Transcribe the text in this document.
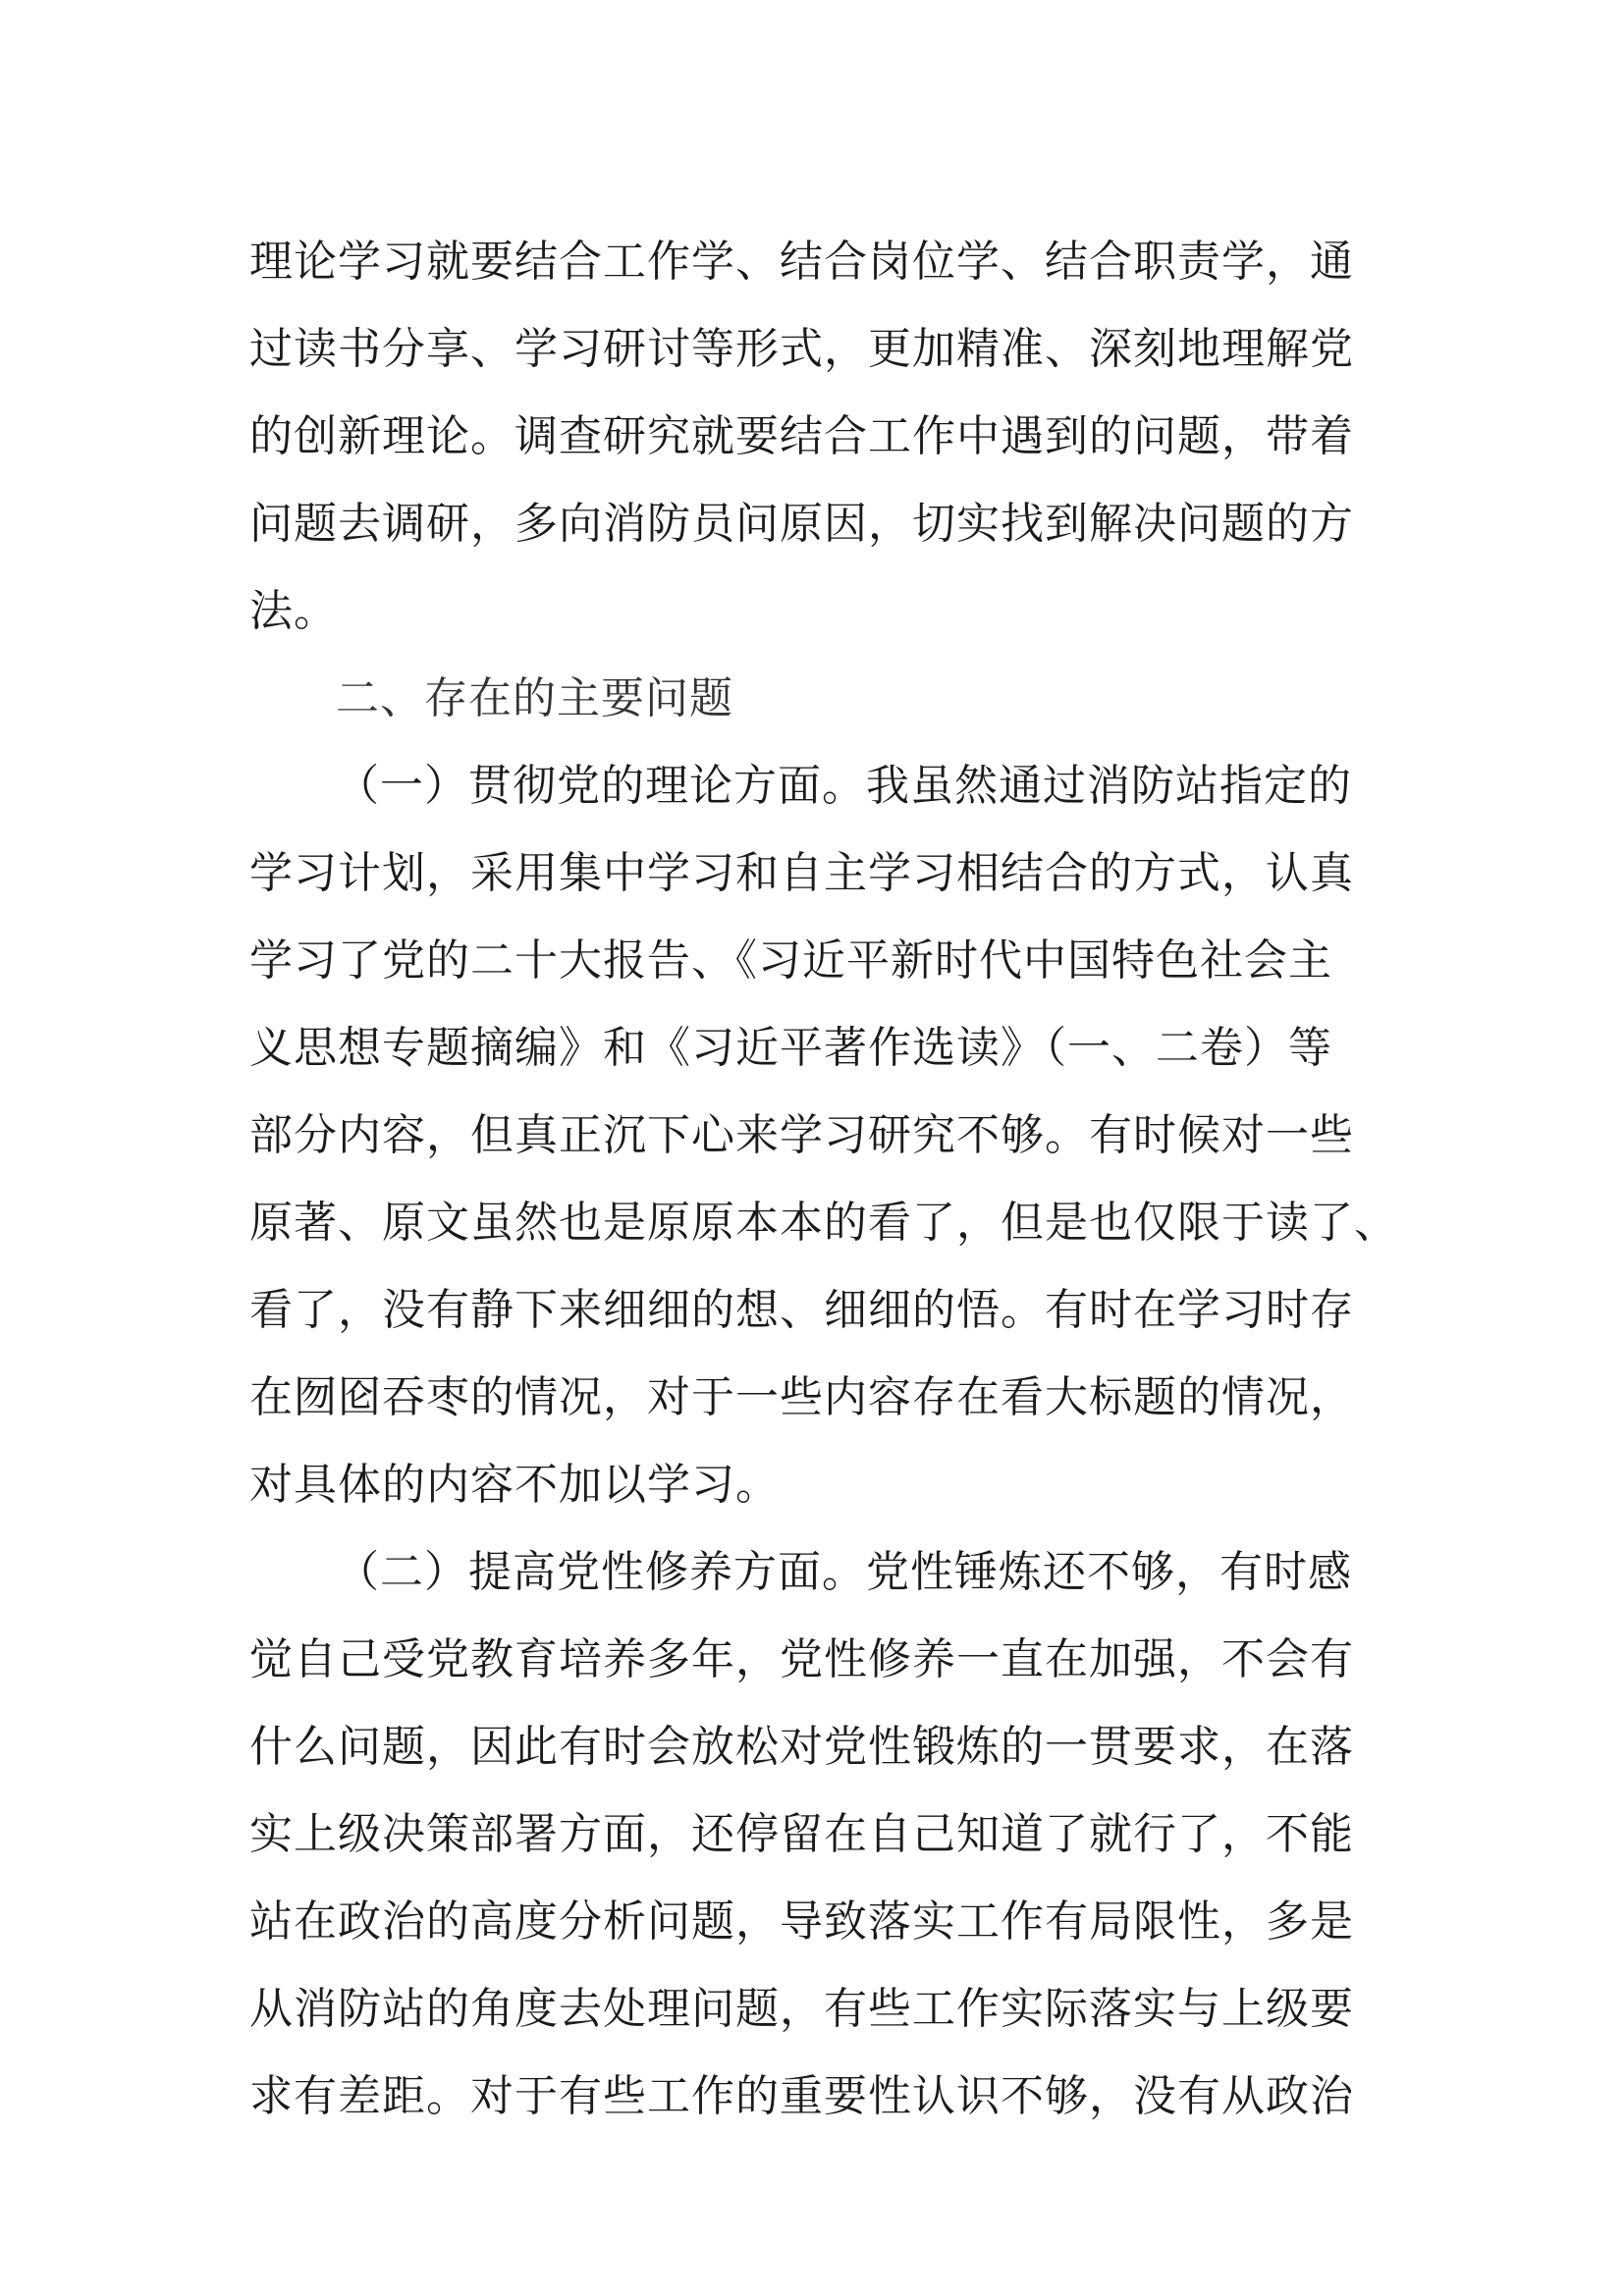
理论学习就要结合工作学、结合岗位学、结合职责学，通
过读书分享、学习研讨等形式，更加精准、深刻地理解党
的创新理论。调查研究就要结合工作中遇到的问题，带着
问题去调研，多向消防员问原因，切实找到解决问题的方
法。
二、存在的主要问题
（一）贯彻党的理论方面。我虽然通过消防站指定的
学习计划，采用集中学习和自主学习相结合的方式，认真
学习了党的二十大报告、《习近平新时代中国特色社会主
义思想专题摘编》和《习近平著作选读》（一、二卷）等
部分内容，但真正沉下心来学习研究不够。有时候对一些
原著、原文虽然也是原原本本的看了，但是也仅限于读了、
看了，没有静下来细细的想、细细的悟。有时在学习时存
在囫囵吞枣的情况，对于一些内容存在看大标题的情况，
对具体的内容不加以学习。
（二）提高党性修养方面。党性锤炼还不够，有时感
觉自己受党教育培养多年，党性修养一直在加强，不会有
什么问题，因此有时会放松对党性锻炼的一贯要求，在落
实上级决策部署方面，还停留在自己知道了就行了，不能
站在政治的高度分析问题，导致落实工作有局限性，多是
从消防站的角度去处理问题，有些工作实际落实与上级要
求有差距。对于有些工作的重要性认识不够，没有从政治
